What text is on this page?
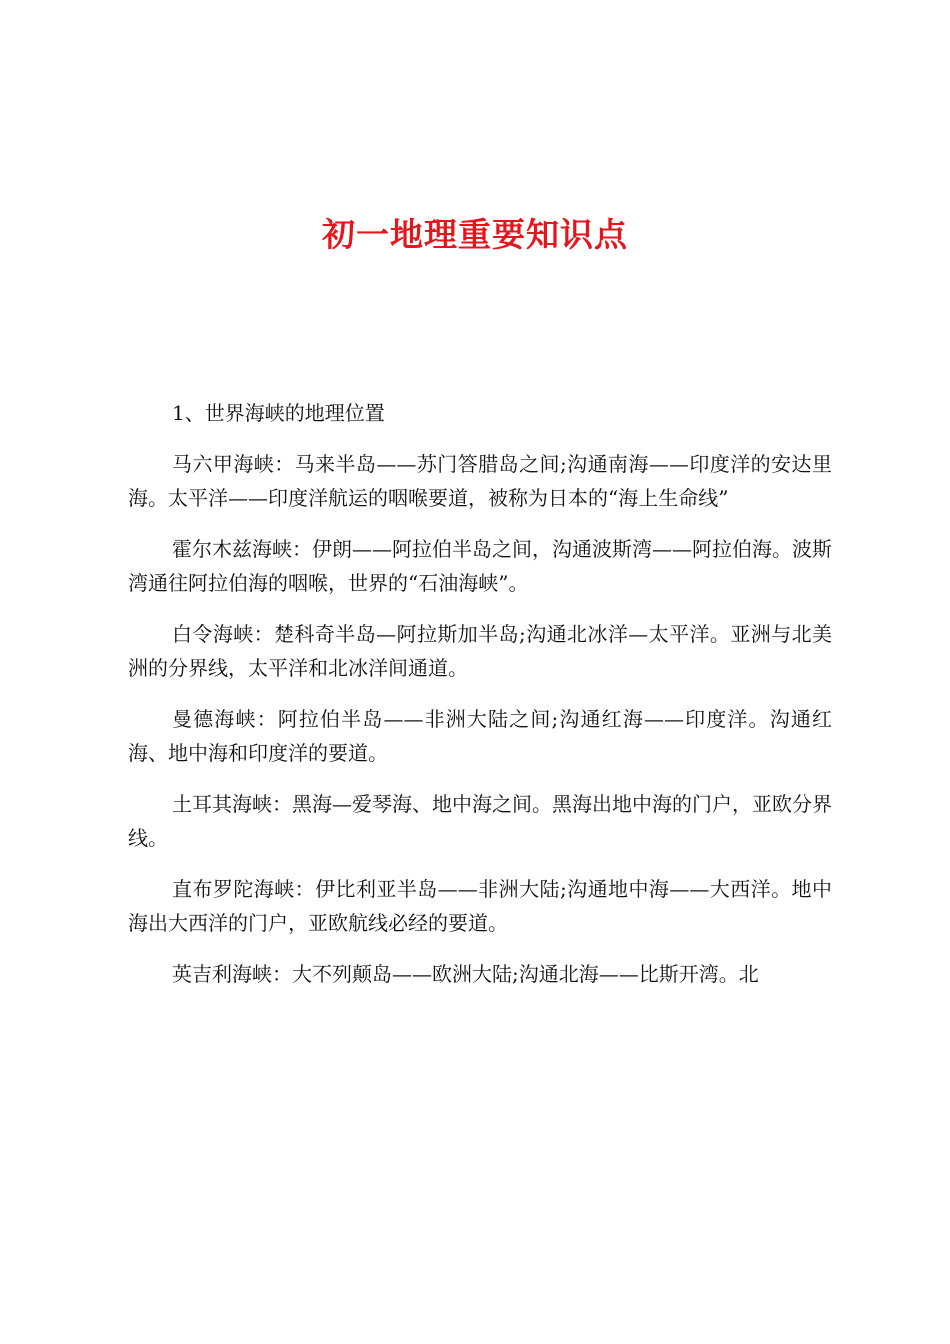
初一地理重要知识点

1、世界海峡的地理位置

马六甲海峡：马来半岛——苏门答腊岛之间;沟通南海——印度洋的安达里海。太平洋——印度洋航运的咽喉要道，被称为日本的“海上生命线”

霍尔木兹海峡：伊朗——阿拉伯半岛之间，沟通波斯湾——阿拉伯海。波斯湾通往阿拉伯海的咽喉，世界的“石油海峡”。

白令海峡：楚科奇半岛—阿拉斯加半岛;沟通北冰洋—太平洋。亚洲与北美洲的分界线，太平洋和北冰洋间通道。

曼德海峡：阿拉伯半岛——非洲大陆之间;沟通红海——印度洋。沟通红海、地中海和印度洋的要道。

土耳其海峡：黑海—爱琴海、地中海之间。黑海出地中海的门户，亚欧分界线。

直布罗陀海峡：伊比利亚半岛——非洲大陆;沟通地中海——大西洋。地中海出大西洋的门户，亚欧航线必经的要道。

英吉利海峡：大不列颠岛——欧洲大陆;沟通北海——比斯开湾。北
